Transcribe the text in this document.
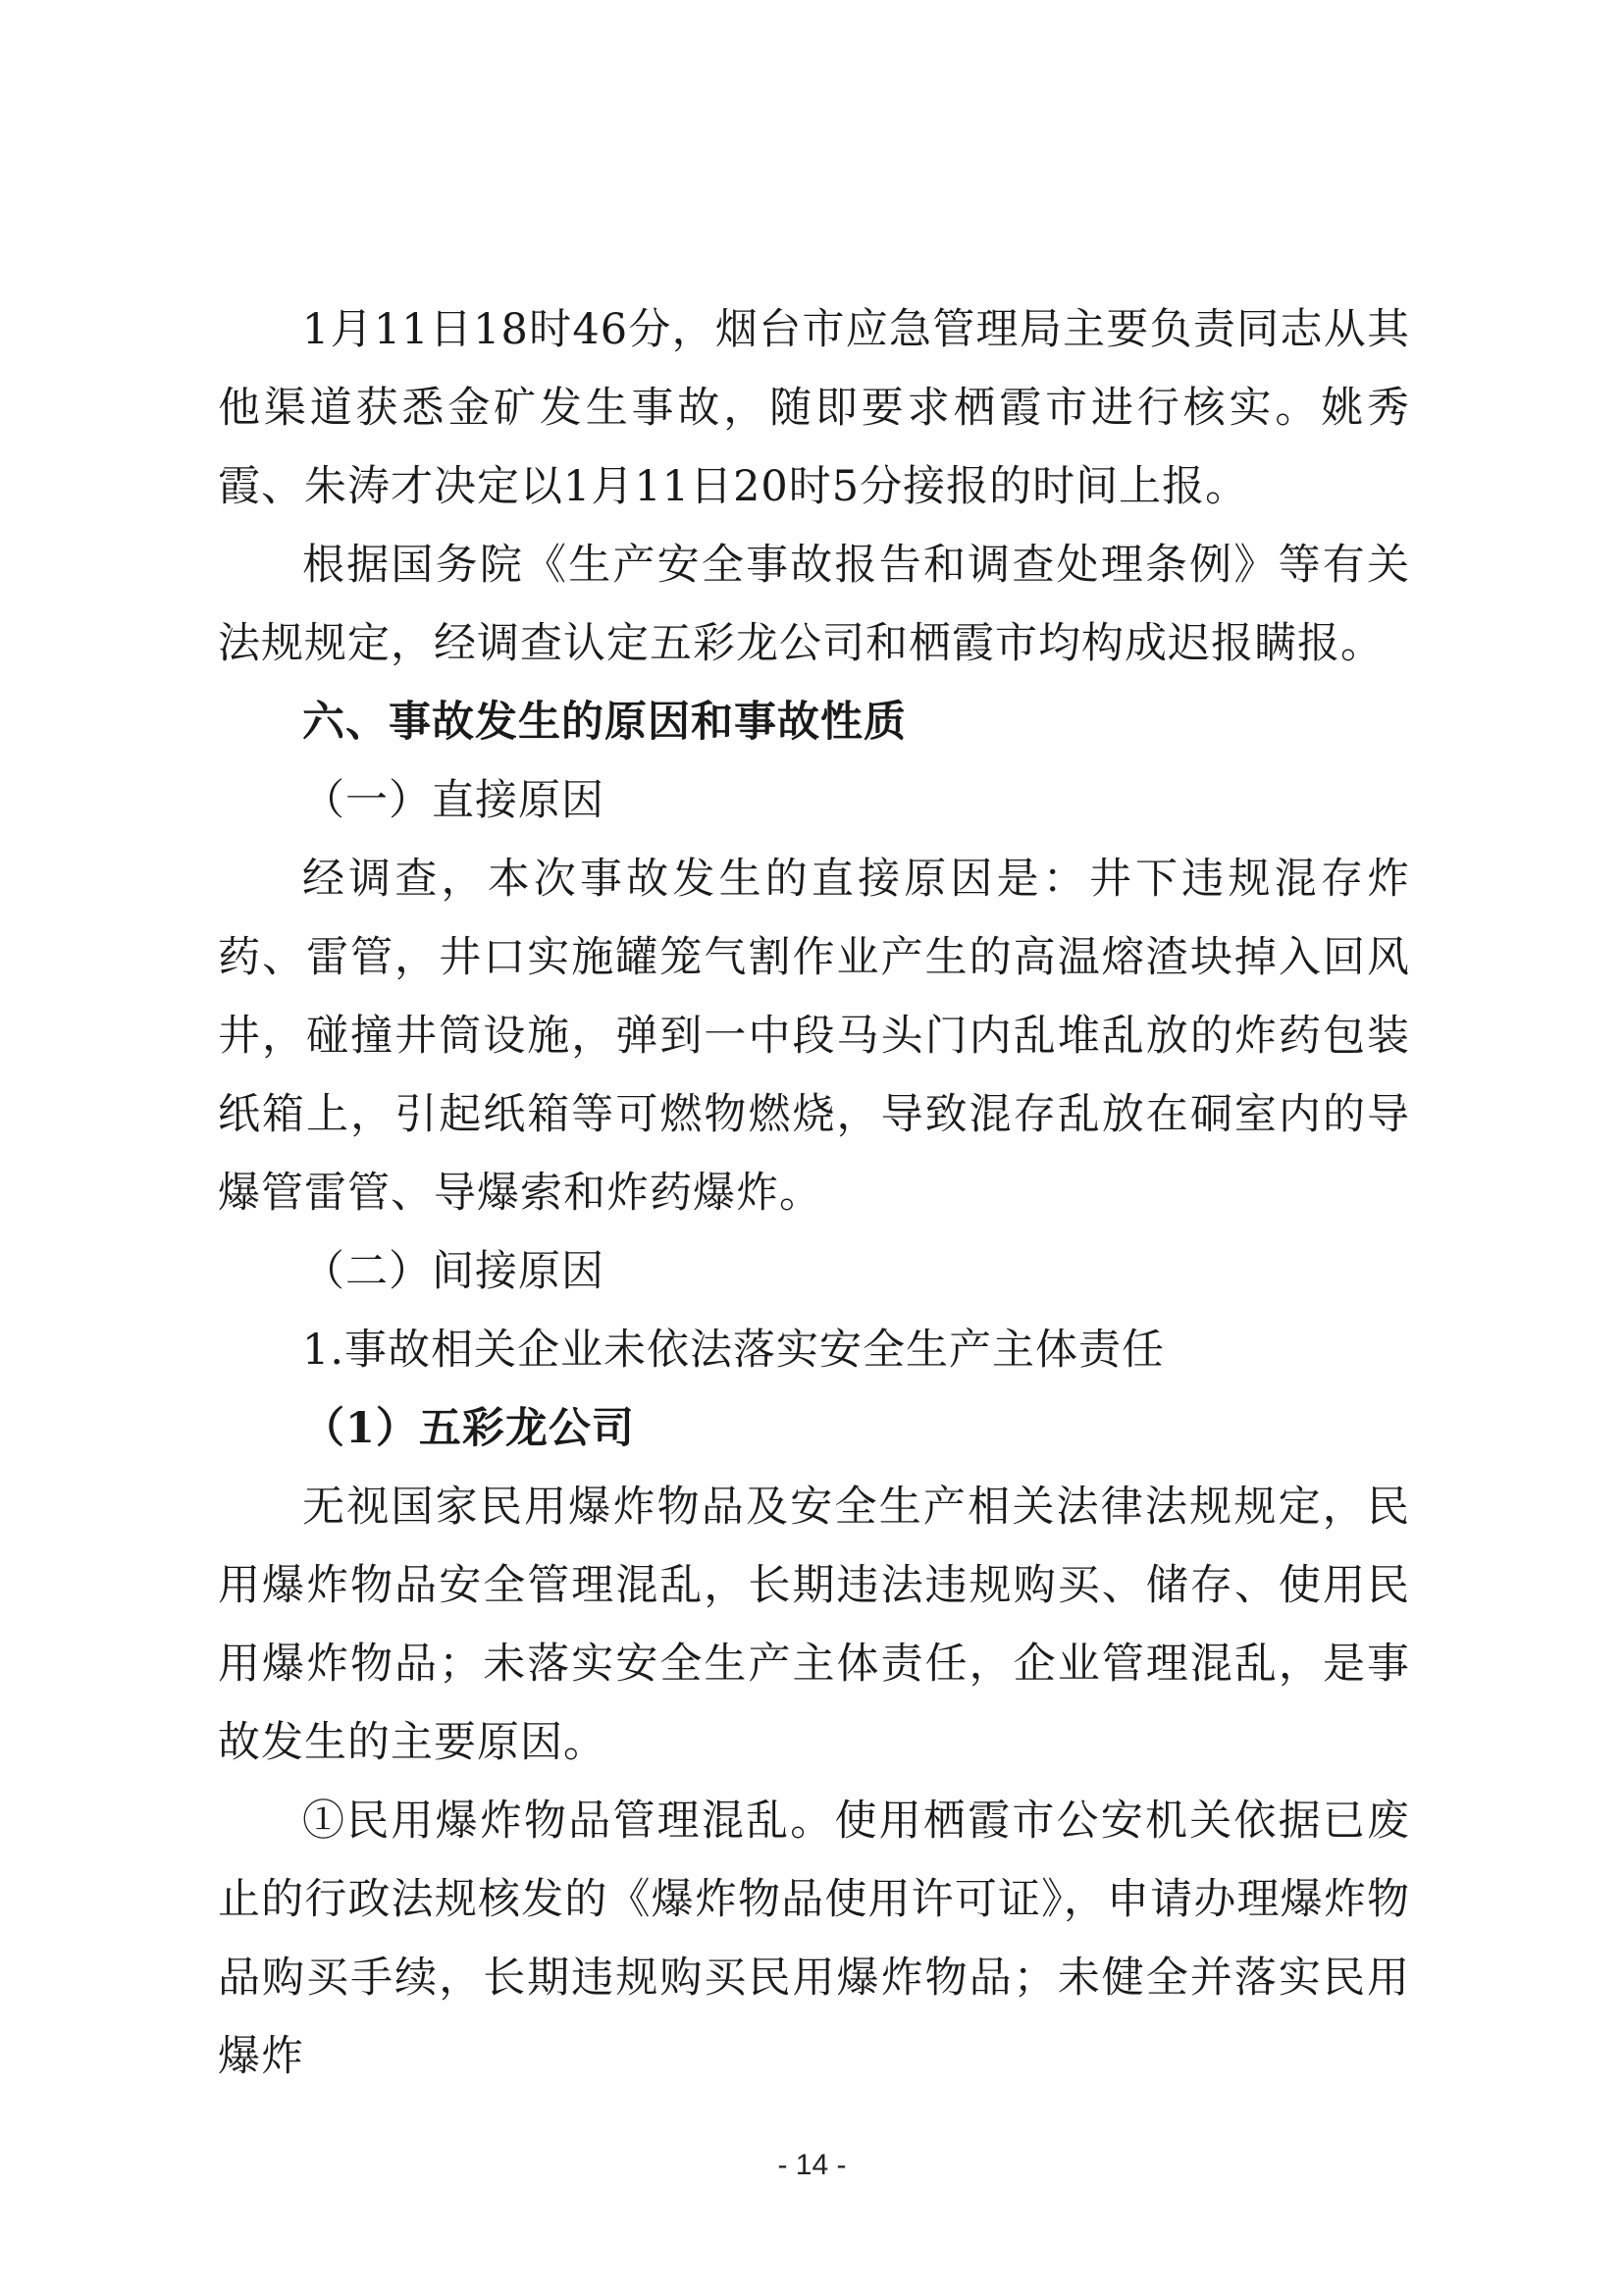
1月11日18时46分，烟台市应急管理局主要负责同志从其他渠道获悉金矿发生事故，随即要求栖霞市进行核实。姚秀霞、朱涛才决定以1月11日20时5分接报的时间上报。

根据国务院《生产安全事故报告和调查处理条例》等有关法规规定，经调查认定五彩龙公司和栖霞市均构成迟报瞒报。

六、事故发生的原因和事故性质

（一）直接原因

经调查，本次事故发生的直接原因是：井下违规混存炸药、雷管，井口实施罐笼气割作业产生的高温熔渣块掉入回风井，碰撞井筒设施，弹到一中段马头门内乱堆乱放的炸药包装纸箱上，引起纸箱等可燃物燃烧，导致混存乱放在硐室内的导爆管雷管、导爆索和炸药爆炸。

（二）间接原因

1.事故相关企业未依法落实安全生产主体责任

（1）五彩龙公司

无视国家民用爆炸物品及安全生产相关法律法规规定，民用爆炸物品安全管理混乱，长期违法违规购买、储存、使用民用爆炸物品；未落实安全生产主体责任，企业管理混乱，是事故发生的主要原因。

①民用爆炸物品管理混乱。使用栖霞市公安机关依据已废止的行政法规核发的《爆炸物品使用许可证》，申请办理爆炸物品购买手续，长期违规购买民用爆炸物品；未健全并落实民用爆炸

- 14 -
